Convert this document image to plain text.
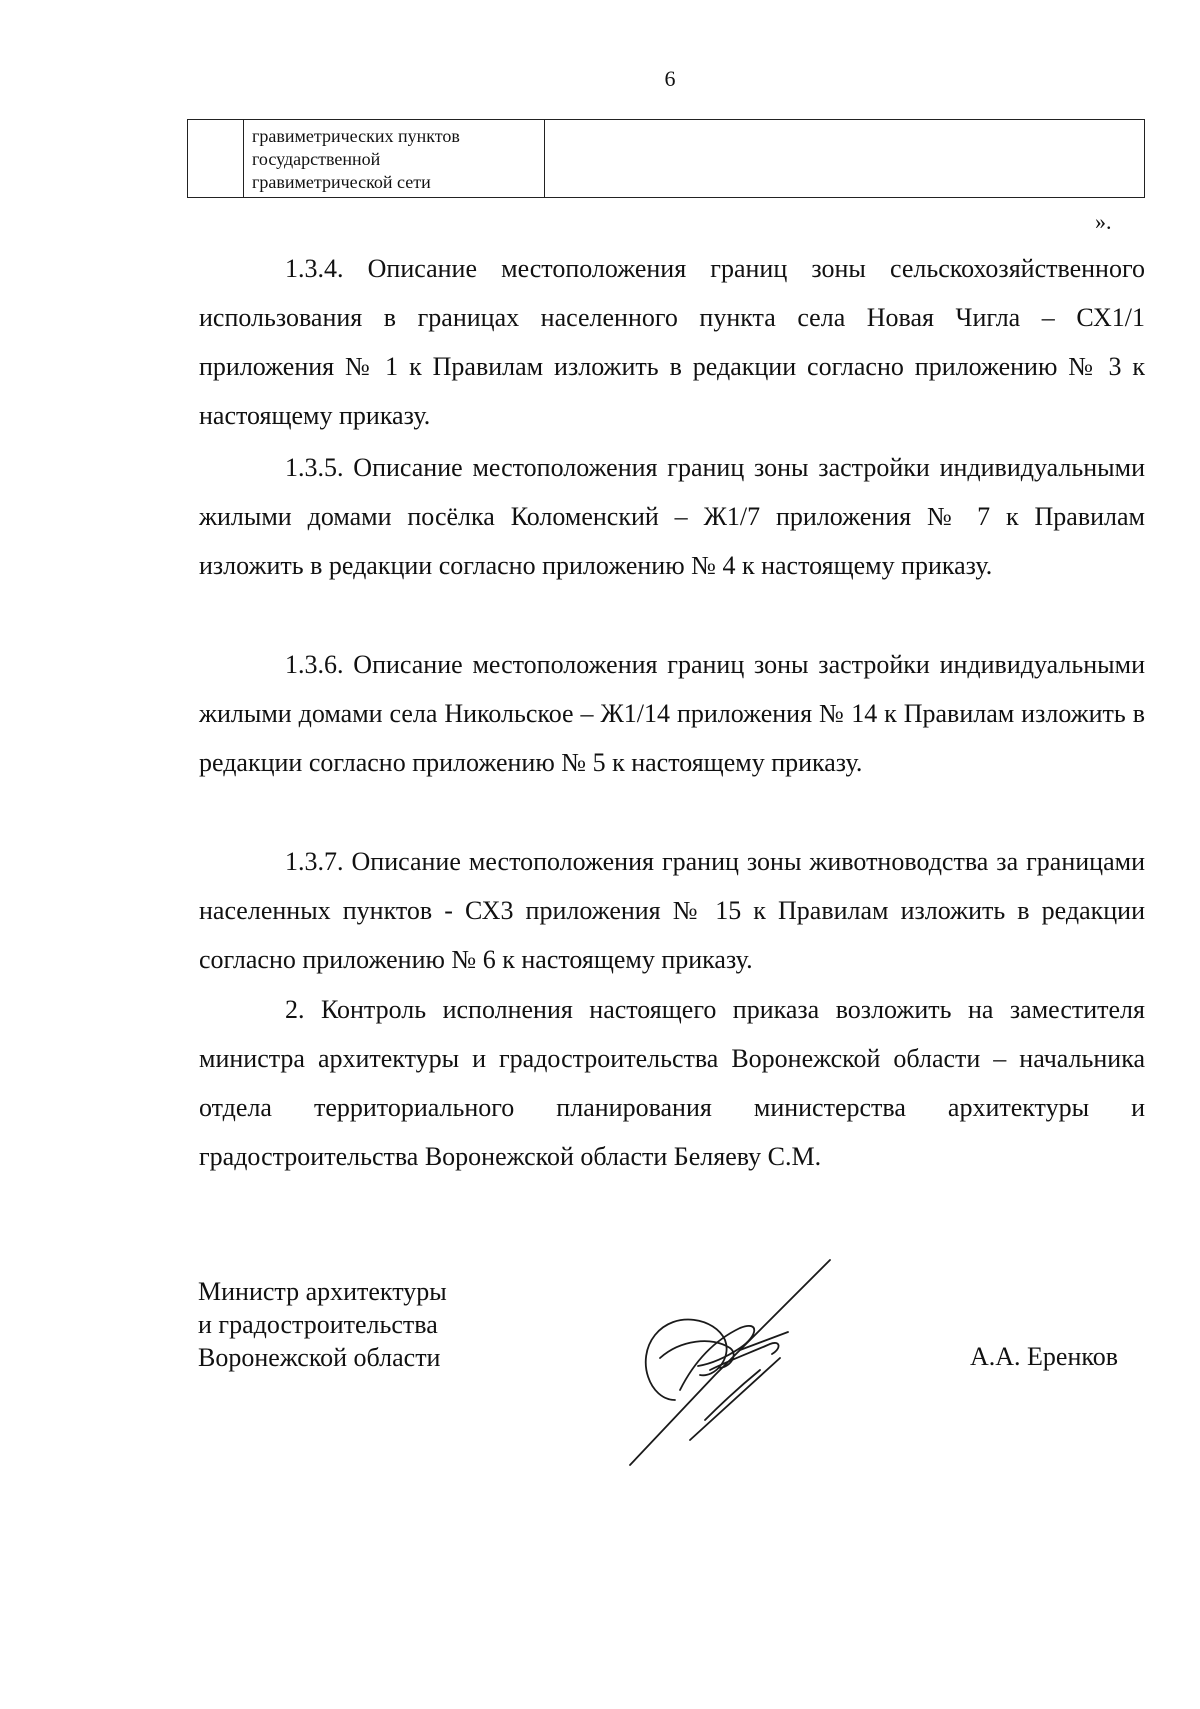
6

гравиметрических пунктов
государственной
гравиметрической сети

».

1.3.4. Описание местоположения границ зоны сельскохозяйственного использования в границах населенного пункта села Новая Чигла – СХ1/1 приложения № 1 к Правилам изложить в редакции согласно приложению № 3 к настоящему приказу.

1.3.5. Описание местоположения границ зоны застройки индивидуальными жилыми домами посёлка Коломенский – Ж1/7 приложения № 7 к Правилам изложить в редакции согласно приложению № 4 к настоящему приказу.

1.3.6. Описание местоположения границ зоны застройки индивидуальными жилыми домами села Никольское – Ж1/14 приложения № 14 к Правилам изложить в редакции согласно приложению № 5 к настоящему приказу.

1.3.7. Описание местоположения границ зоны животноводства за границами населенных пунктов - СХ3 приложения № 15 к Правилам изложить в редакции согласно приложению № 6 к настоящему приказу.

2. Контроль исполнения настоящего приказа возложить на заместителя министра архитектуры и градостроительства Воронежской области – начальника отдела территориального планирования министерства архитектуры и градостроительства Воронежской области Беляеву С.М.

Министр архитектуры
и градостроительства
Воронежской области	А.А. Еренков
